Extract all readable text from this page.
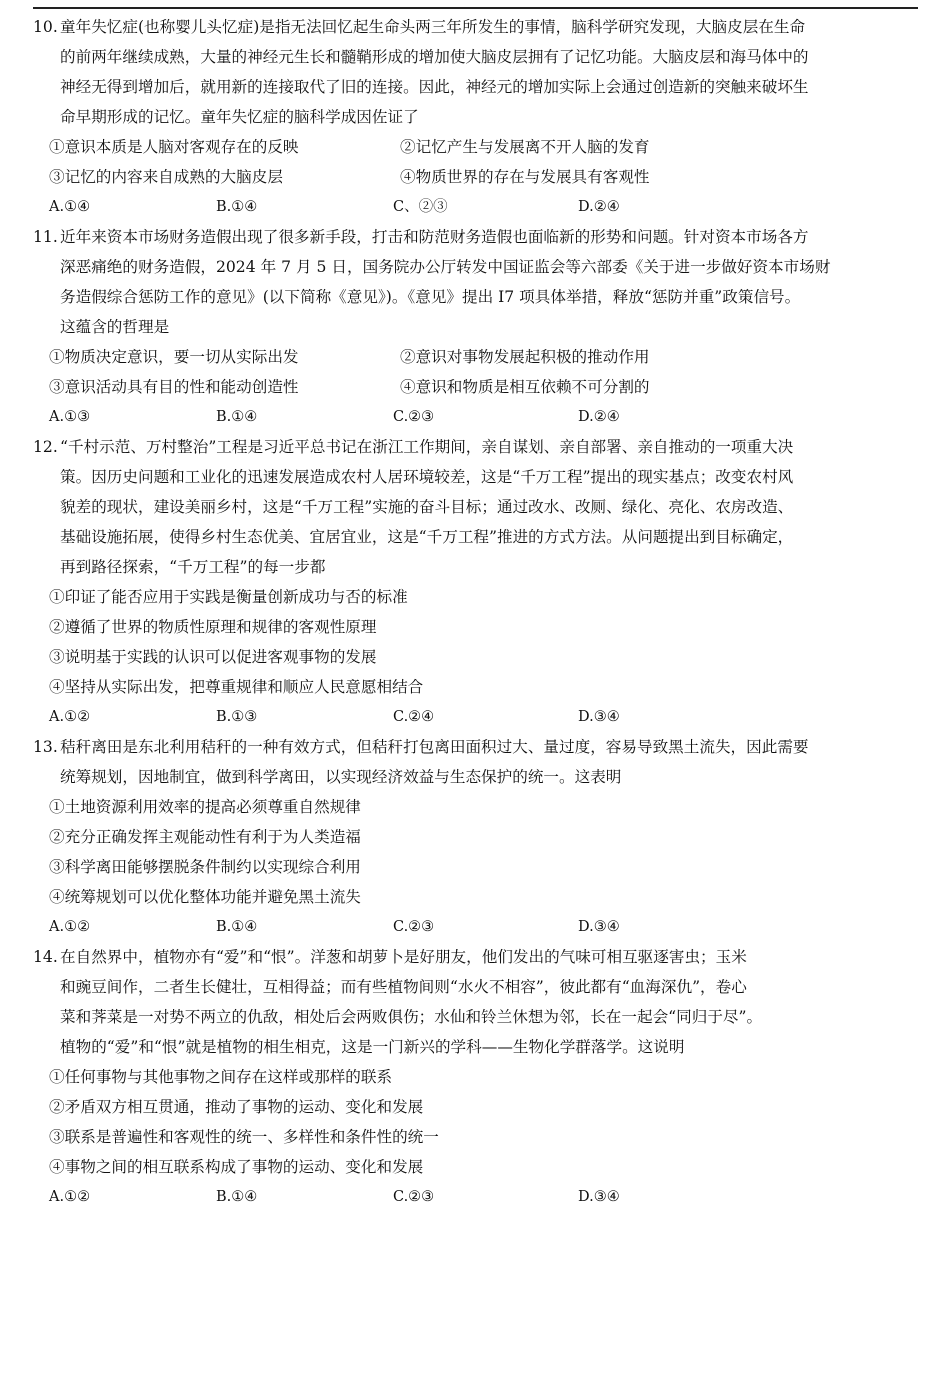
10. 童年失忆症(也称婴儿头忆症)是指无法回忆起生命头两三年所发生的事情，脑科学研究发现，大脑皮层在生命
的前两年继续成熟，大量的神经元生长和髓鞘形成的增加使大脑皮层拥有了记忆功能。大脑皮层和海马体中的
神经无得到增加后，就用新的连接取代了旧的连接。因此，神经元的增加实际上会通过创造新的突触来破坏生
命早期形成的记忆。童年失忆症的脑科学成因佐证了
①意识本质是人脑对客观存在的反映	②记忆产生与发展离不开人脑的发育
③记忆的内容来自成熟的大脑皮层	④物质世界的存在与发展具有客观性
A.①④	B.①④	C、②③	D.②④
11. 近年来资本市场财务造假出现了很多新手段，打击和防范财务造假也面临新的形势和问题。针对资本市场各方
深恶痛绝的财务造假，2024 年 7 月 5 日，国务院办公厅转发中国证监会等六部委《关于进一步做好资本市场财
务造假综合惩防工作的意见》(以下简称《意见》)。《意见》提出 I7 项具体举措，释放“惩防并重”政策信号。
这蕴含的哲理是
①物质决定意识，要一切从实际出发	②意识对事物发展起积极的推动作用
③意识活动具有目的性和能动创造性	④意识和物质是相互依赖不可分割的
A.①③	B.①④	C.②③	D.②④
12. “千村示范、万村整治”工程是习近平总书记在浙江工作期间，亲自谋划、亲自部署、亲自推动的一项重大决
策。因历史问题和工业化的迅速发展造成农村人居环境较差，这是“千万工程”提出的现实基点；改变农村风
貌差的现状，建设美丽乡村，这是“千万工程”实施的奋斗目标；通过改水、改厕、绿化、亮化、农房改造、
基础设施拓展，使得乡村生态优美、宜居宜业，这是“千万工程”推进的方式方法。从问题提出到目标确定，
再到路径探索，“千万工程”的每一步都
①印证了能否应用于实践是衡量创新成功与否的标准
②遵循了世界的物质性原理和规律的客观性原理
③说明基于实践的认识可以促进客观事物的发展
④坚持从实际出发，把尊重规律和顺应人民意愿相结合
A.①②	B.①③	C.②④	D.③④
13. 秸秆离田是东北利用秸秆的一种有效方式，但秸秆打包离田面积过大、量过度，容易导致黑土流失，因此需要
统筹规划，因地制宜，做到科学离田，以实现经济效益与生态保护的统一。这表明
①土地资源利用效率的提高必须尊重自然规律
②充分正确发挥主观能动性有利于为人类造福
③科学离田能够摆脱条件制约以实现综合利用
④统筹规划可以优化整体功能并避免黑土流失
A.①②	B.①④	C.②③	D.③④
14. 在自然界中，植物亦有“爱”和“恨”。洋葱和胡萝卜是好朋友，他们发出的气味可相互驱逐害虫；玉米
和豌豆间作，二者生长健壮，互相得益；而有些植物间则“水火不相容”，彼此都有“血海深仇”，卷心
菜和荠菜是一对势不两立的仇敌，相处后会两败俱伤；水仙和铃兰休想为邻，长在一起会“同归于尽”。
植物的“爱”和“恨”就是植物的相生相克，这是一门新兴的学科——生物化学群落学。这说明
①任何事物与其他事物之间存在这样或那样的联系
②矛盾双方相互贯通，推动了事物的运动、变化和发展
③联系是普遍性和客观性的统一、多样性和条件性的统一
④事物之间的相互联系构成了事物的运动、变化和发展
A.①②	B.①④	C.②③	D.③④
